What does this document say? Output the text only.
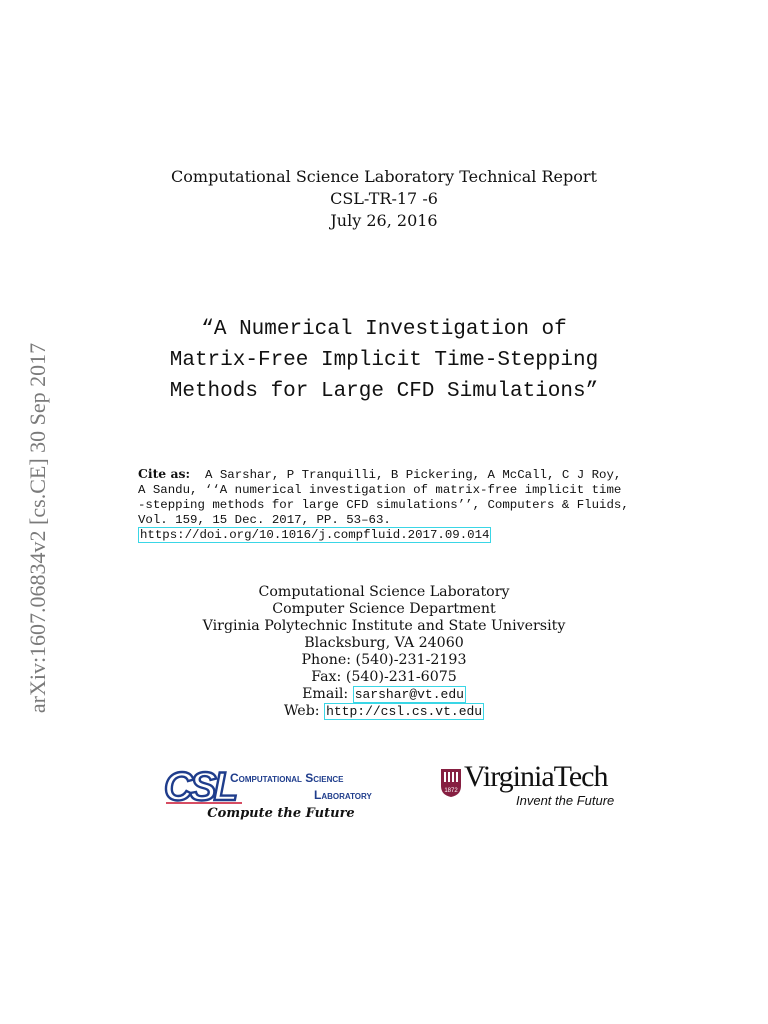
arXiv:1607.06834v2 [cs.CE] 30 Sep 2017
Computational Science Laboratory Technical Report
CSL-TR-17 -6
July 26, 2016
“A Numerical Investigation of
Matrix-Free Implicit Time-Stepping
Methods for Large CFD Simulations”
Cite as: A Sarshar, P Tranquilli, B Pickering, A McCall, C J Roy,
A Sandu, ‘‘A numerical investigation of matrix-free implicit time
-stepping methods for large CFD simulations’’, Computers & Fluids,
Vol. 159, 15 Dec. 2017, PP. 53–63.
https://doi.org/10.1016/j.compfluid.2017.09.014
Computational Science Laboratory
Computer Science Department
Virginia Polytechnic Institute and State University
Blacksburg, VA 24060
Phone: (540)-231-2193
Fax: (540)-231-6075
Email: sarshar@vt.edu
Web: http://csl.cs.vt.edu
CSL
Computational Science
Laboratory
Compute the Future
1872 VirginiaTech
Invent the Future
